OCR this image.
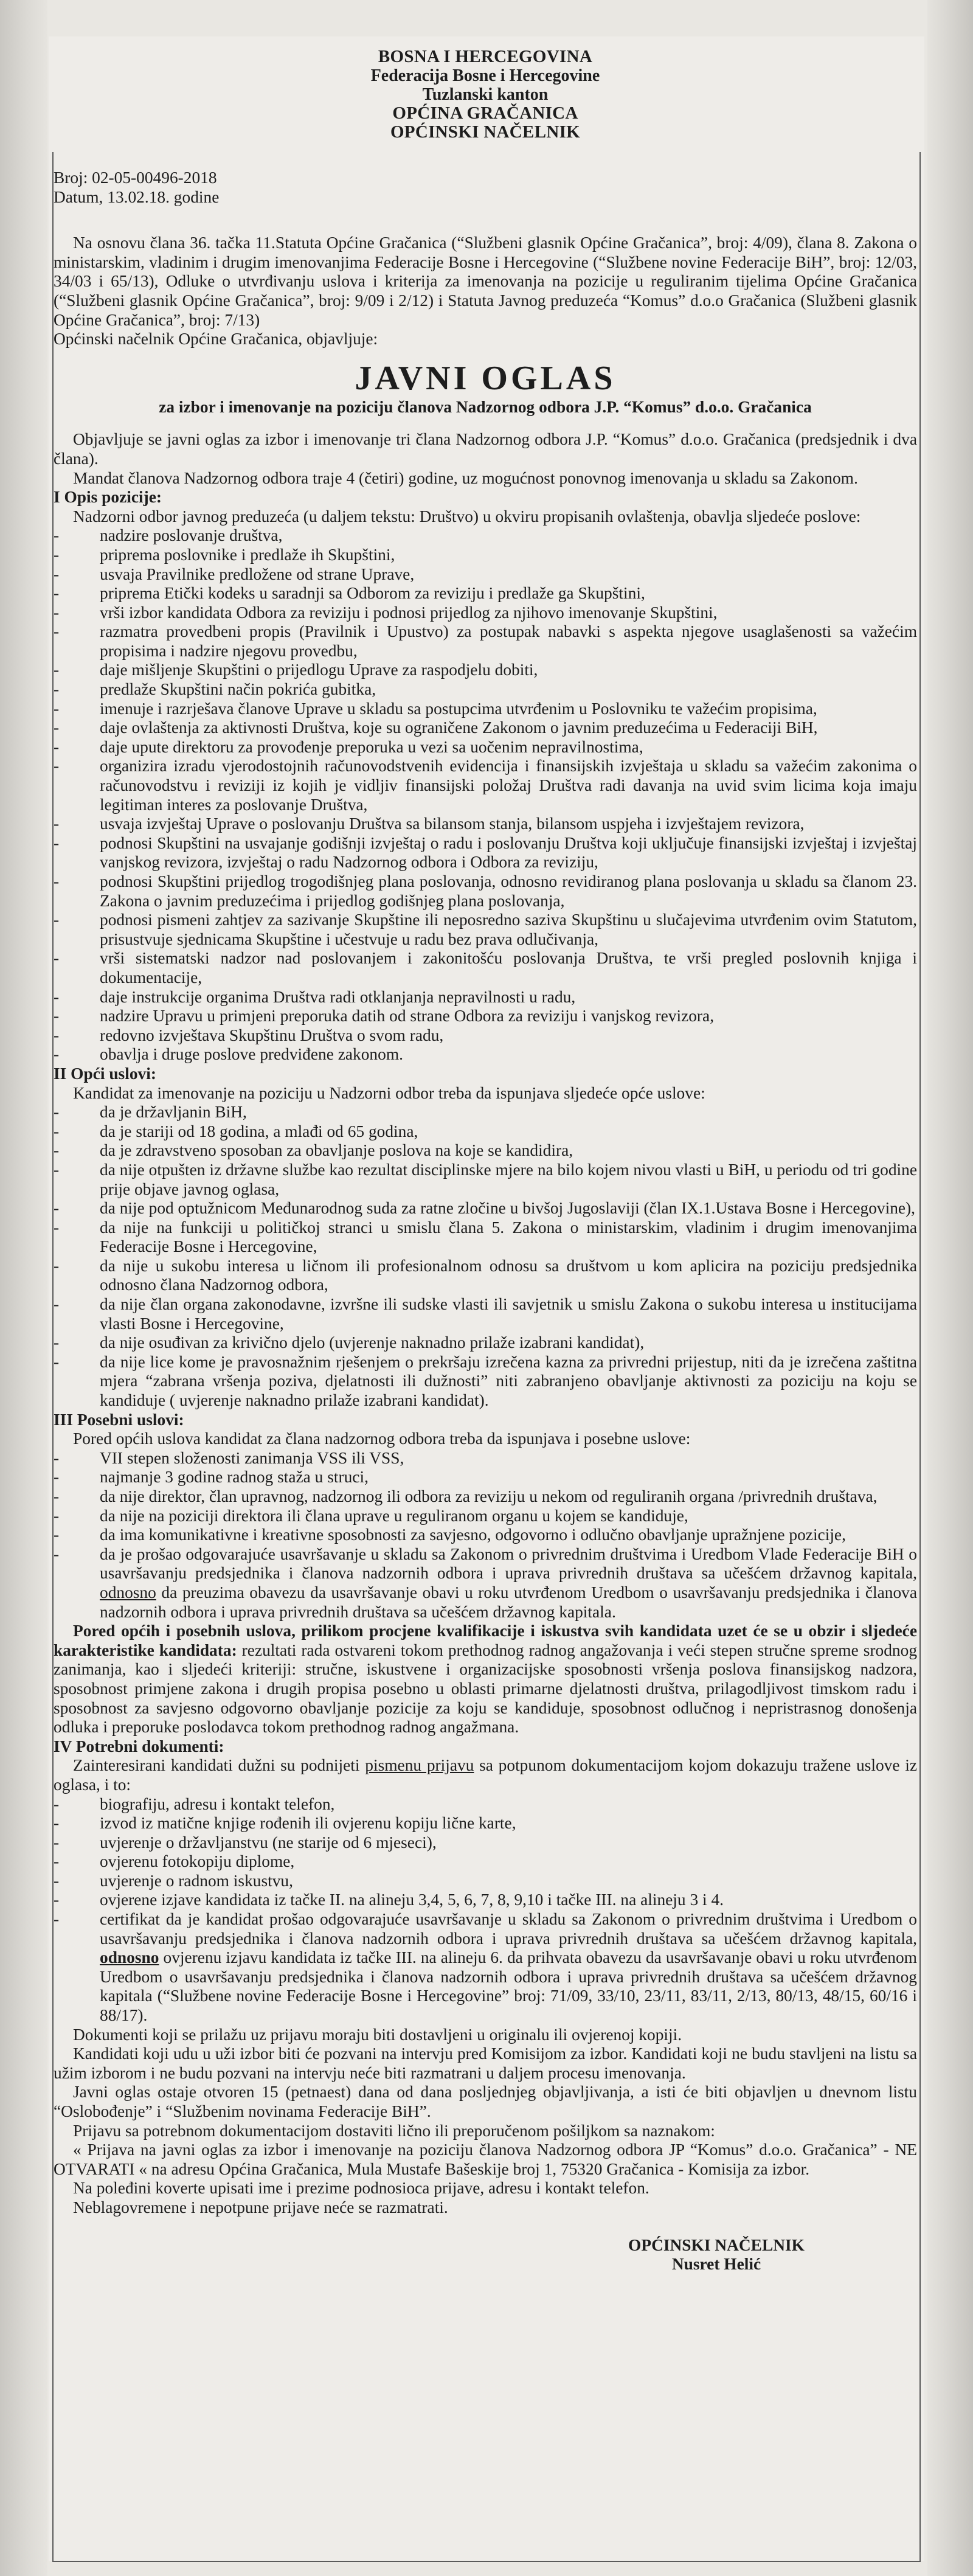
BOSNA I HERCEGOVINA
Federacija Bosne i Hercegovine
Tuzlanski kanton
OPĆINA GRAČANICA
OPĆINSKI NAČELNIK
Broj: 02-05-00496-2018
Datum, 13.02.18. godine

Na osnovu člana 36. tačka 11.Statuta Općine Gračanica (“Službeni glasnik Općine Gračanica”, broj: 4/09), člana 8. Zakona o ministarskim, vladinim i drugim imenovanjima Federacije Bosne i Hercegovine (“Službene novine Federacije BiH”, broj: 12/03, 34/03 i 65/13), Odluke o utvrđivanju uslova i kriterija za imenovanja na pozicije u reguliranim tijelima Općine Gračanica (“Službeni glasnik Općine Gračanica”, broj: 9/09 i 2/12) i Statuta Javnog preduzeća “Komus” d.o.o Gračanica (Službeni glasnik Općine Gračanica”, broj: 7/13)

Općinski načelnik Općine Gračanica, objavljuje:

JAVNI OGLAS
za izbor i imenovanje na poziciju članova Nadzornog odbora J.P. “Komus” d.o.o. Gračanica

Objavljuje se javni oglas za izbor i imenovanje tri člana Nadzornog odbora J.P. “Komus” d.o.o. Gračanica (predsjednik i dva člana).

Mandat članova Nadzornog odbora traje 4 (četiri) godine, uz mogućnost ponovnog imenovanja u skladu sa Zakonom.

I Opis pozicije:

Nadzorni odbor javnog preduzeća (u daljem tekstu: Društvo) u okviru propisanih ovlaštenja, obavlja sljedeće poslove:

- nadzire poslovanje društva,
- priprema poslovnike i predlaže ih Skupštini,
- usvaja Pravilnike predložene od strane Uprave,
- priprema Etički kodeks u saradnji sa Odborom za reviziju i predlaže ga Skupštini,
- vrši izbor kandidata Odbora za reviziju i podnosi prijedlog za njihovo imenovanje Skupštini,
- razmatra provedbeni propis (Pravilnik i Upustvo) za postupak nabavki s aspekta njegove usaglašenosti sa važećim propisima i nadzire njegovu provedbu,
- daje mišljenje Skupštini o prijedlogu Uprave za raspodjelu dobiti,
- predlaže Skupštini način pokrića gubitka,
- imenuje i razrješava članove Uprave u skladu sa postupcima utvrđenim u Poslovniku te važećim propisima,
- daje ovlaštenja za aktivnosti Društva, koje su ograničene Zakonom o javnim preduzećima u Federaciji BiH,
- daje upute direktoru za provođenje preporuka u vezi sa uočenim nepravilnostima,
- organizira izradu vjerodostojnih računovodstvenih evidencija i finansijskih izvještaja u skladu sa važećim zakonima o računovodstvu i reviziji iz kojih je vidljiv finansijski položaj Društva radi davanja na uvid svim licima koja imaju legitiman interes za poslovanje Društva,
- usvaja izvještaj Uprave o poslovanju Društva sa bilansom stanja, bilansom uspjeha i izvještajem revizora,
- podnosi Skupštini na usvajanje godišnji izvještaj o radu i poslovanju Društva koji uključuje finansijski izvještaj i izvještaj vanjskog revizora, izvještaj o radu Nadzornog odbora i Odbora za reviziju,
- podnosi Skupštini prijedlog trogodišnjeg plana poslovanja, odnosno revidiranog plana poslovanja u skladu sa članom 23. Zakona o javnim preduzećima i prijedlog godišnjeg plana poslovanja,
- podnosi pismeni zahtjev za sazivanje Skupštine ili neposredno saziva Skupštinu u slučajevima utvrđenim ovim Statutom, prisustvuje sjednicama Skupštine i učestvuje u radu bez prava odlučivanja,
- vrši sistematski nadzor nad poslovanjem i zakonitošću poslovanja Društva, te vrši pregled poslovnih knjiga i dokumentacije,
- daje instrukcije organima Društva radi otklanjanja nepravilnosti u radu,
- nadzire Upravu u primjeni preporuka datih od strane Odbora za reviziju i vanjskog revizora,
- redovno izvještava Skupštinu Društva o svom radu,
- obavlja i druge poslove predviđene zakonom.

II Opći uslovi:

Kandidat za imenovanje na poziciju u Nadzorni odbor treba da ispunjava sljedeće opće uslove:

- da je državljanin BiH,
- da je stariji od 18 godina, a mlađi od 65 godina,
- da je zdravstveno sposoban za obavljanje poslova na koje se kandidira,
- da nije otpušten iz državne službe kao rezultat disciplinske mjere na bilo kojem nivou vlasti u BiH, u periodu od tri godine prije objave javnog oglasa,
- da nije pod optužnicom Međunarodnog suda za ratne zločine u bivšoj Jugoslaviji (član IX.1.Ustava Bosne i Hercegovine),
- da nije na funkciji u političkoj stranci u smislu člana 5. Zakona o ministarskim, vladinim i drugim imenovanjima Federacije Bosne i Hercegovine,
- da nije u sukobu interesa u ličnom ili profesionalnom odnosu sa društvom u kom aplicira na poziciju predsjednika odnosno člana Nadzornog odbora,
- da nije član organa zakonodavne, izvršne ili sudske vlasti ili savjetnik u smislu Zakona o sukobu interesa u institucijama vlasti Bosne i Hercegovine,
- da nije osuđivan za krivično djelo (uvjerenje naknadno prilaže izabrani kandidat),
- da nije lice kome je pravosnažnim rješenjem o prekršaju izrečena kazna za privredni prijestup, niti da je izrečena zaštitna mjera “zabrana vršenja poziva, djelatnosti ili dužnosti” niti zabranjeno obavljanje aktivnosti za poziciju na koju se kandiduje ( uvjerenje naknadno prilaže izabrani kandidat).

III Posebni uslovi:

Pored općih uslova kandidat za člana nadzornog odbora treba da ispunjava i posebne uslove:

- VII stepen složenosti zanimanja VSS ili VSS,
- najmanje 3 godine radnog staža u struci,
- da nije direktor, član upravnog, nadzornog ili odbora za reviziju u nekom od reguliranih organa /privrednih društava,
- da nije na poziciji direktora ili člana uprave u reguliranom organu u kojem se kandiduje,
- da ima komunikativne i kreativne sposobnosti za savjesno, odgovorno i odlučno obavljanje upražnjene pozicije,
- da je prošao odgovarajuće usavršavanje u skladu sa Zakonom o privrednim društvima i Uredbom Vlade Federacije BiH o usavršavanju predsjednika i članova nadzornih odbora i uprava privrednih društava sa učešćem državnog kapitala, odnosno da preuzima obavezu da usavršavanje obavi u roku utvrđenom Uredbom o usavršavanju predsjednika i članova nadzornih odbora i uprava privrednih društava sa učešćem državnog kapitala.

Pored općih i posebnih uslova, prilikom procjene kvalifikacije i iskustva svih kandidata uzet će se u obzir i sljedeće karakteristike kandidata: rezultati rada ostvareni tokom prethodnog radnog angažovanja i veći stepen stručne spreme srodnog zanimanja, kao i sljedeći kriteriji: stručne, iskustvene i organizacijske sposobnosti vršenja poslova finansijskog nadzora, sposobnost primjene zakona i drugih propisa posebno u oblasti primarne djelatnosti društva, prilagodljivost timskom radu i sposobnost za savjesno odgovorno obavljanje pozicije za koju se kandiduje, sposobnost odlučnog i nepristrasnog donošenja odluka i preporuke poslodavca tokom prethodnog radnog angažmana.

IV Potrebni dokumenti:

Zainteresirani kandidati dužni su podnijeti pismenu prijavu sa potpunom dokumentacijom kojom dokazuju tražene uslove iz oglasa, i to:

- biografiju, adresu i kontakt telefon,
- izvod iz matične knjige rođenih ili ovjerenu kopiju lične karte,
- uvjerenje o državljanstvu (ne starije od 6 mjeseci),
- ovjerenu fotokopiju diplome,
- uvjerenje o radnom iskustvu,
- ovjerene izjave kandidata iz tačke II. na alineju 3,4, 5, 6, 7, 8, 9,10 i tačke III. na alineju 3 i 4.
- certifikat da je kandidat prošao odgovarajuće usavršavanje u skladu sa Zakonom o privrednim društvima i Uredbom o usavršavanju predsjednika i članova nadzornih odbora i uprava privrednih društava sa učešćem državnog kapitala, odnosno ovjerenu izjavu kandidata iz tačke III. na alineju 6. da prihvata obavezu da usavršavanje obavi u roku utvrđenom Uredbom o usavršavanju predsjednika i članova nadzornih odbora i uprava privrednih društava sa učešćem državnog kapitala (“Službene novine Federacije Bosne i Hercegovine” broj: 71/09, 33/10, 23/11, 83/11, 2/13, 80/13, 48/15, 60/16 i 88/17).

Dokumenti koji se prilažu uz prijavu moraju biti dostavljeni u originalu ili ovjerenoj kopiji.

Kandidati koji udu u uži izbor biti će pozvani na intervju pred Komisijom za izbor. Kandidati koji ne budu stavljeni na listu sa užim izborom i ne budu pozvani na intervju neće biti razmatrani u daljem procesu imenovanja.

Javni oglas ostaje otvoren 15 (petnaest) dana od dana posljednjeg objavljivanja, a isti će biti objavljen u dnevnom listu “Oslobođenje” i “Službenim novinama Federacije BiH”.

Prijavu sa potrebnom dokumentacijom dostaviti lično ili preporučenom pošiljkom sa naznakom:

« Prijava na javni oglas za izbor i imenovanje na poziciju članova Nadzornog odbora JP “Komus” d.o.o. Gračanica” - NE OTVARATI « na adresu Općina Gračanica, Mula Mustafe Bašeskije broj 1, 75320 Gračanica - Komisija za izbor.

Na poleđini koverte upisati ime i prezime podnosioca prijave, adresu i kontakt telefon.

Neblagovremene i nepotpune prijave neće se razmatrati.

OPĆINSKI NAČELNIK
Nusret Helić
